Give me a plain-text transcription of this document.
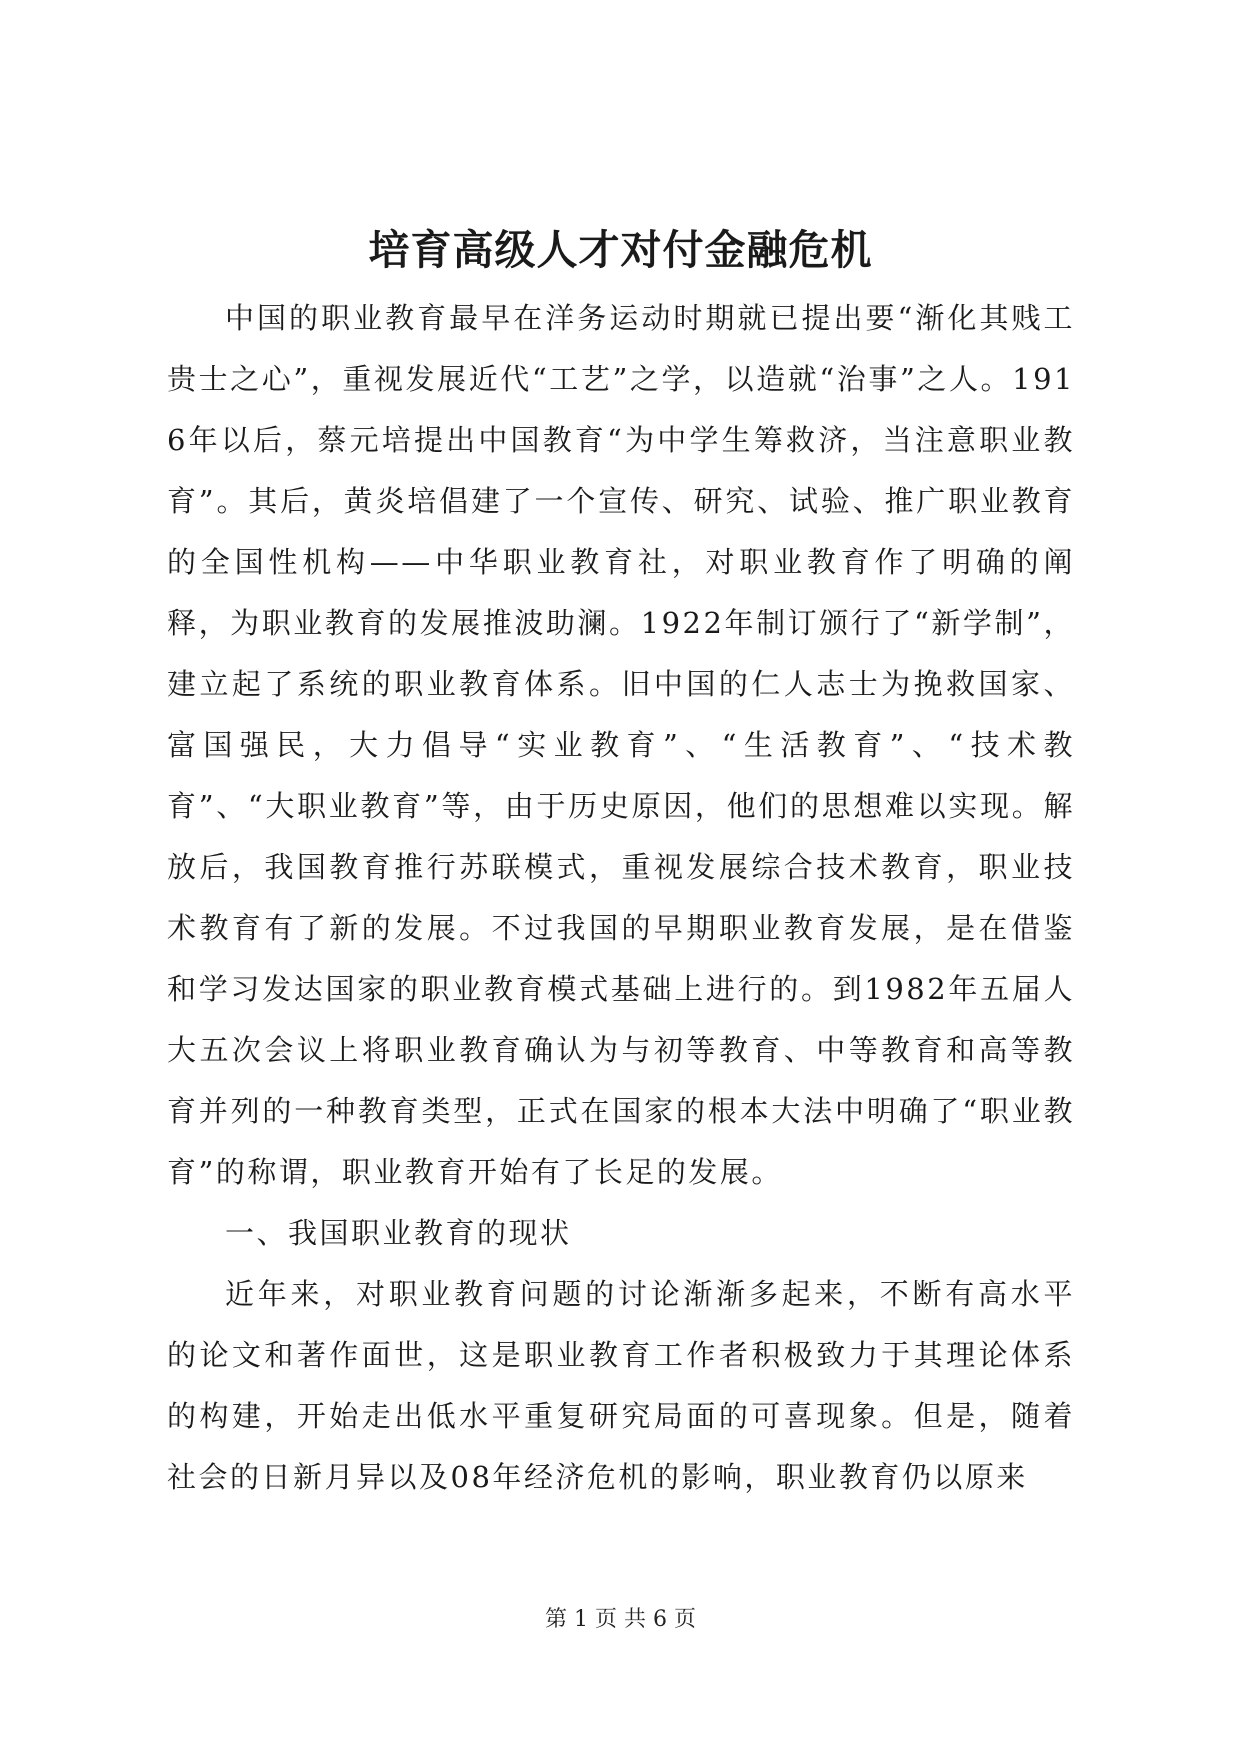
培育高级人才对付金融危机

中国的职业教育最早在洋务运动时期就已提出要“渐化其贱工贵士之心”，重视发展近代“工艺”之学，以造就“治事”之人。1916年以后，蔡元培提出中国教育“为中学生筹救济，当注意职业教育”。其后，黄炎培倡建了一个宣传、研究、试验、推广职业教育的全国性机构——中华职业教育社，对职业教育作了明确的阐释，为职业教育的发展推波助澜。1922年制订颁行了“新学制”，建立起了系统的职业教育体系。旧中国的仁人志士为挽救国家、富国强民，大力倡导“实业教育”、“生活教育”、“技术教育”、“大职业教育”等，由于历史原因，他们的思想难以实现。解放后，我国教育推行苏联模式，重视发展综合技术教育，职业技术教育有了新的发展。不过我国的早期职业教育发展，是在借鉴和学习发达国家的职业教育模式基础上进行的。到1982年五届人大五次会议上将职业教育确认为与初等教育、中等教育和高等教育并列的一种教育类型，正式在国家的根本大法中明确了“职业教育”的称谓，职业教育开始有了长足的发展。

一、我国职业教育的现状

近年来，对职业教育问题的讨论渐渐多起来，不断有高水平的论文和著作面世，这是职业教育工作者积极致力于其理论体系的构建，开始走出低水平重复研究局面的可喜现象。但是，随着社会的日新月异以及08年经济危机的影响，职业教育仍以原来

第 1 页 共 6 页
